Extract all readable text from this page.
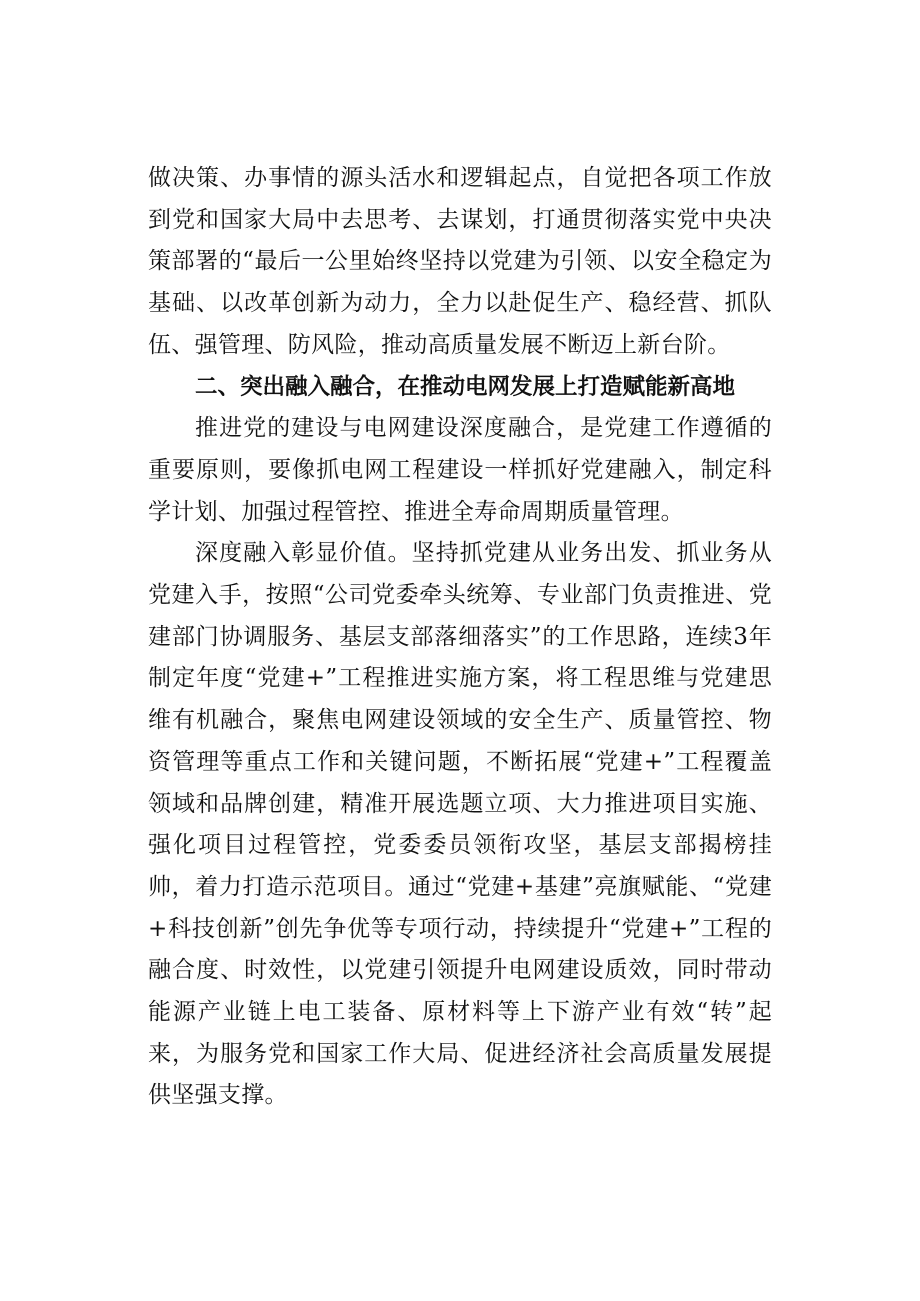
做决策、办事情的源头活水和逻辑起点，自觉把各项工作放到党和国家大局中去思考、去谋划，打通贯彻落实党中央决策部署的“最后一公里始终坚持以党建为引领、以安全稳定为基础、以改革创新为动力，全力以赴促生产、稳经营、抓队伍、强管理、防风险，推动高质量发展不断迈上新台阶。

二、突出融入融合，在推动电网发展上打造赋能新高地

推进党的建设与电网建设深度融合，是党建工作遵循的重要原则，要像抓电网工程建设一样抓好党建融入，制定科学计划、加强过程管控、推进全寿命周期质量管理。

深度融入彰显价值。坚持抓党建从业务出发、抓业务从党建入手，按照“公司党委牵头统筹、专业部门负责推进、党建部门协调服务、基层支部落细落实”的工作思路，连续3年制定年度“党建+”工程推进实施方案，将工程思维与党建思维有机融合，聚焦电网建设领域的安全生产、质量管控、物资管理等重点工作和关键问题，不断拓展“党建+”工程覆盖领域和品牌创建，精准开展选题立项、大力推进项目实施、强化项目过程管控，党委委员领衔攻坚，基层支部揭榜挂帅，着力打造示范项目。通过“党建+基建”亮旗赋能、“党建+科技创新”创先争优等专项行动，持续提升“党建+”工程的融合度、时效性，以党建引领提升电网建设质效，同时带动能源产业链上电工装备、原材料等上下游产业有效“转”起来，为服务党和国家工作大局、促进经济社会高质量发展提供坚强支撑。
